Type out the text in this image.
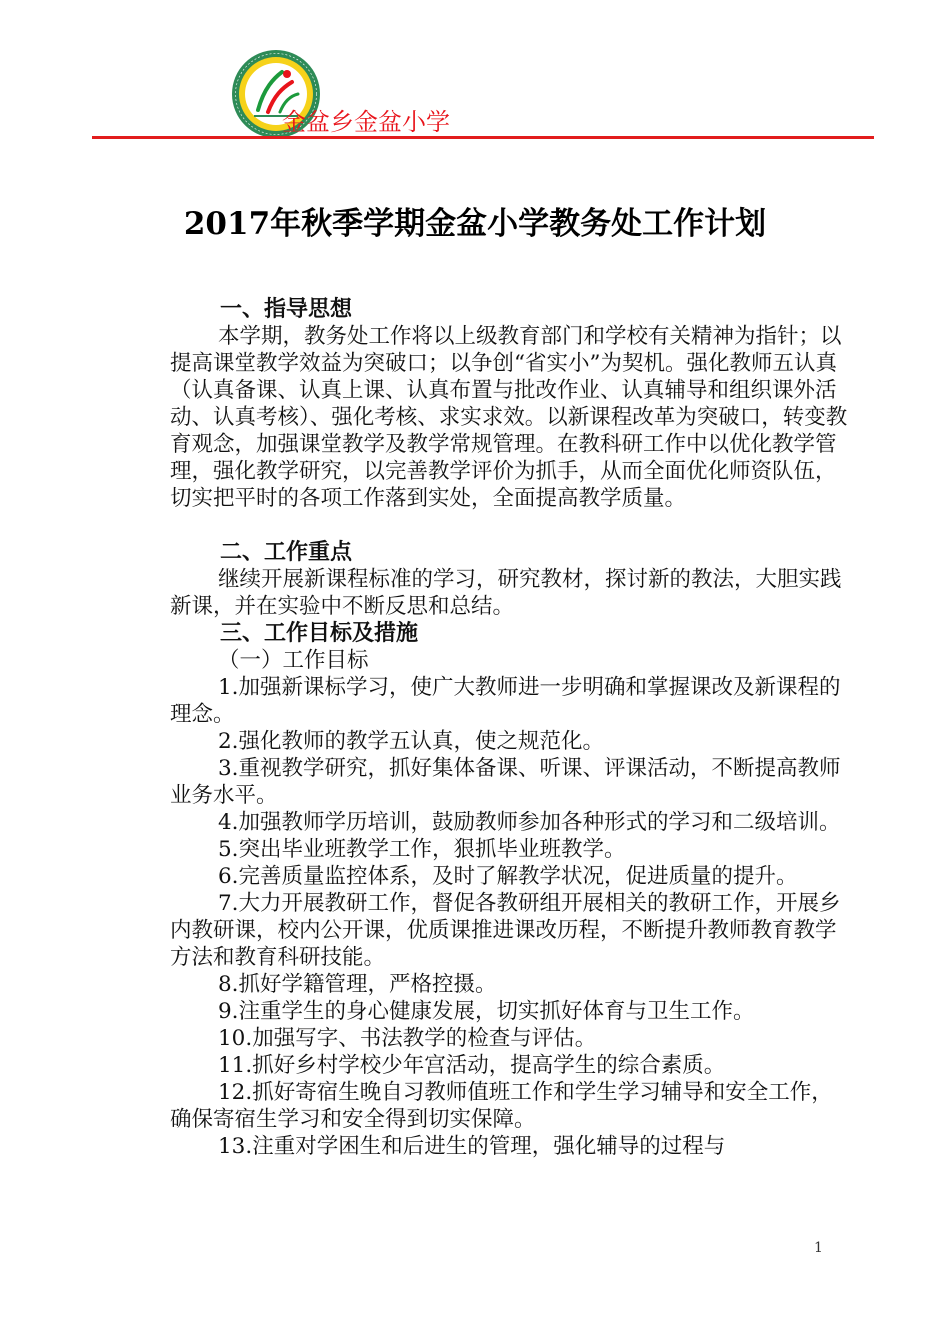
金盆乡金盆小学
2017年秋季学期金盆小学教务处工作计划

一、指导思想

本学期，教务处工作将以上级教育部门和学校有关精神为指针；以提高课堂教学效益为突破口；以争创“省实小”为契机。强化教师五认真（认真备课、认真上课、认真布置与批改作业、认真辅导和组织课外活动、认真考核）、强化考核、求实求效。以新课程改革为突破口，转变教育观念，加强课堂教学及教学常规管理。在教科研工作中以优化教学管理，强化教学研究，以完善教学评价为抓手，从而全面优化师资队伍，切实把平时的各项工作落到实处，全面提高教学质量。

二、工作重点

继续开展新课程标准的学习，研究教材，探讨新的教法，大胆实践新课，并在实验中不断反思和总结。

三、工作目标及措施

（一）工作目标

1.加强新课标学习，使广大教师进一步明确和掌握课改及新课程的理念。

2.强化教师的教学五认真，使之规范化。

3.重视教学研究，抓好集体备课、听课、评课活动，不断提高教师业务水平。

4.加强教师学历培训，鼓励教师参加各种形式的学习和二级培训。

5.突出毕业班教学工作，狠抓毕业班教学。

6.完善质量监控体系，及时了解教学状况，促进质量的提升。

7.大力开展教研工作，督促各教研组开展相关的教研工作，开展乡内教研课，校内公开课，优质课推进课改历程，不断提升教师教育教学方法和教育科研技能。

8.抓好学籍管理，严格控摄。

9.注重学生的身心健康发展，切实抓好体育与卫生工作。

10.加强写字、书法教学的检查与评估。

11.抓好乡村学校少年宫活动，提高学生的综合素质。

12.抓好寄宿生晚自习教师值班工作和学生学习辅导和安全工作，确保寄宿生学习和安全得到切实保障。

13.注重对学困生和后进生的管理，强化辅导的过程与

1
